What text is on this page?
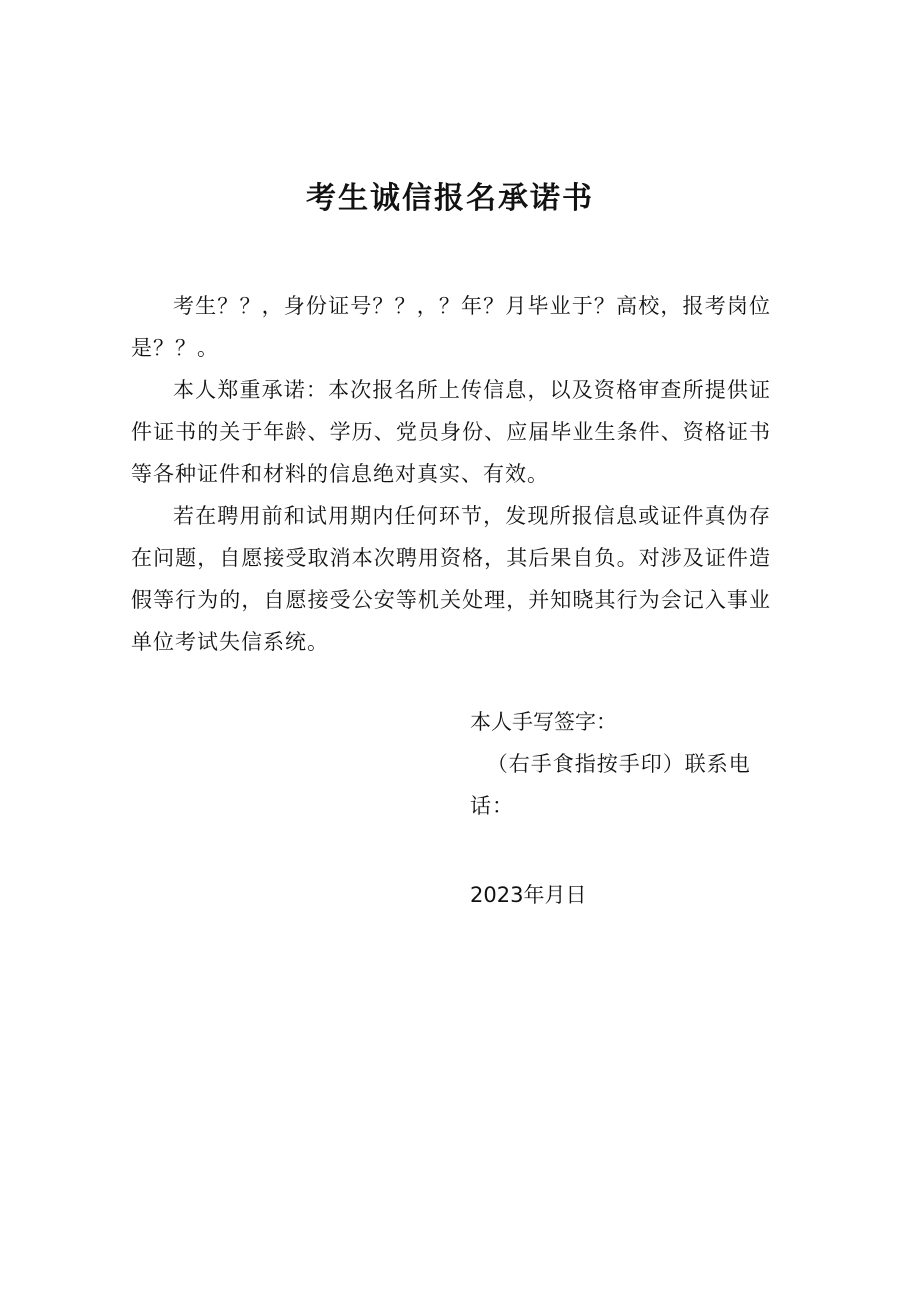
考生诚信报名承诺书

考生？？，身份证号？？，？年？月毕业于？高校，报考岗位是？？。

本人郑重承诺：本次报名所上传信息，以及资格审查所提供证件证书的关于年龄、学历、党员身份、应届毕业生条件、资格证书等各种证件和材料的信息绝对真实、有效。

若在聘用前和试用期内任何环节，发现所报信息或证件真伪存在问题，自愿接受取消本次聘用资格，其后果自负。对涉及证件造假等行为的，自愿接受公安等机关处理，并知晓其行为会记入事业单位考试失信系统。

本人手写签字：

（右手食指按手印）联系电话：

2023年月日
